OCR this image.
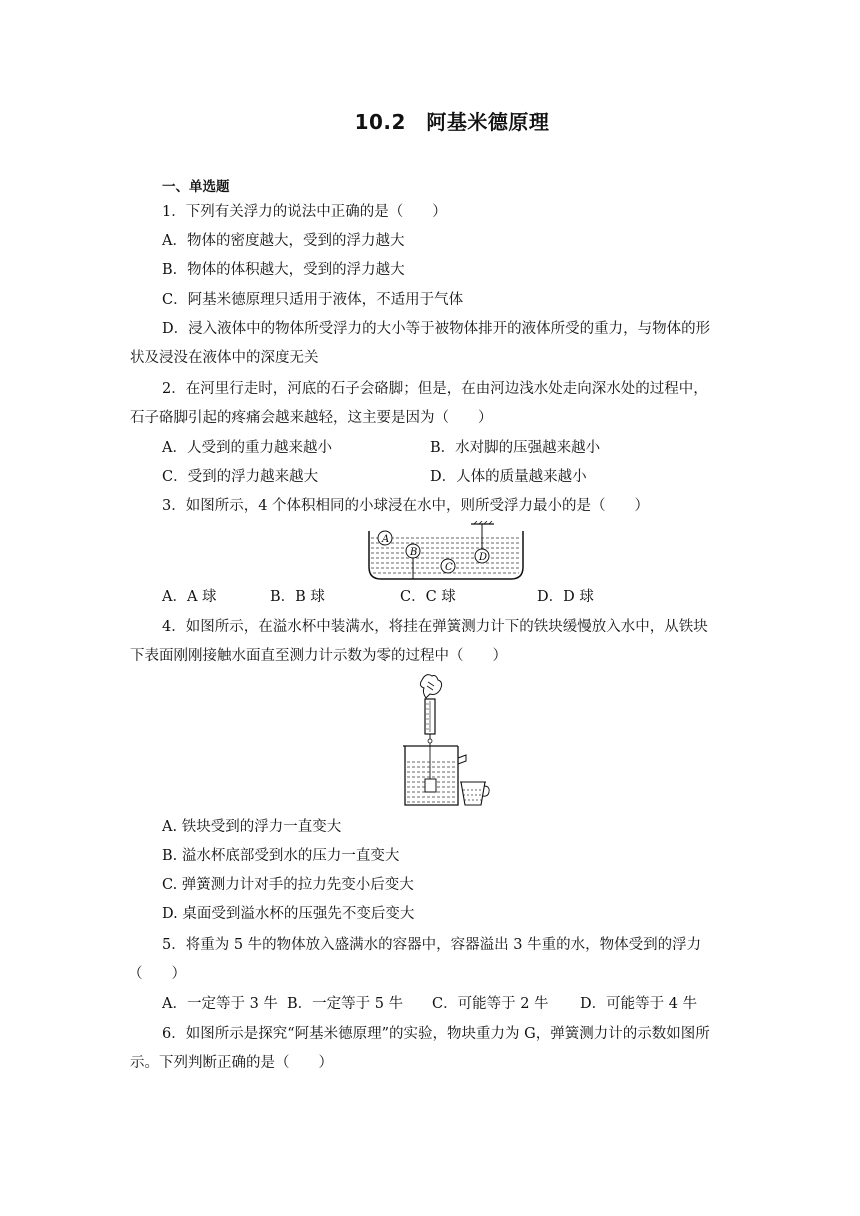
10.2　阿基米德原理
一、单选题
1．下列有关浮力的说法中正确的是（　　）
A．物体的密度越大，受到的浮力越大
B．物体的体积越大，受到的浮力越大
C．阿基米德原理只适用于液体，不适用于气体
D．浸入液体中的物体所受浮力的大小等于被物体排开的液体所受的重力，与物体的形
状及浸没在液体中的深度无关
2．在河里行走时，河底的石子会硌脚；但是，在由河边浅水处走向深水处的过程中，
石子硌脚引起的疼痛会越来越轻，这主要是因为（　　）
A．人受到的重力越来越小	B．水对脚的压强越来越小
C．受到的浮力越来越大	D．人体的质量越来越小
3．如图所示，4 个体积相同的小球浸在水中，则所受浮力最小的是（　　）
A
B
C
D
A．A 球	B．B 球	C．C 球	D．D 球
4．如图所示，在溢水杯中装满水，将挂在弹簧测力计下的铁块缓慢放入水中，从铁块
下表面刚刚接触水面直至测力计示数为零的过程中（　　）
A. 铁块受到的浮力一直变大
B. 溢水杯底部受到水的压力一直变大
C. 弹簧测力计对手的拉力先变小后变大
D. 桌面受到溢水杯的压强先不变后变大
5．将重为 5 牛的物体放入盛满水的容器中，容器溢出 3 牛重的水，物体受到的浮力
（　　）
A．一定等于 3 牛 B．一定等于 5 牛 C．可能等于 2 牛 D．可能等于 4 牛
6．如图所示是探究“阿基米德原理”的实验，物块重力为 G，弹簧测力计的示数如图所
示。下列判断正确的是（　　）
